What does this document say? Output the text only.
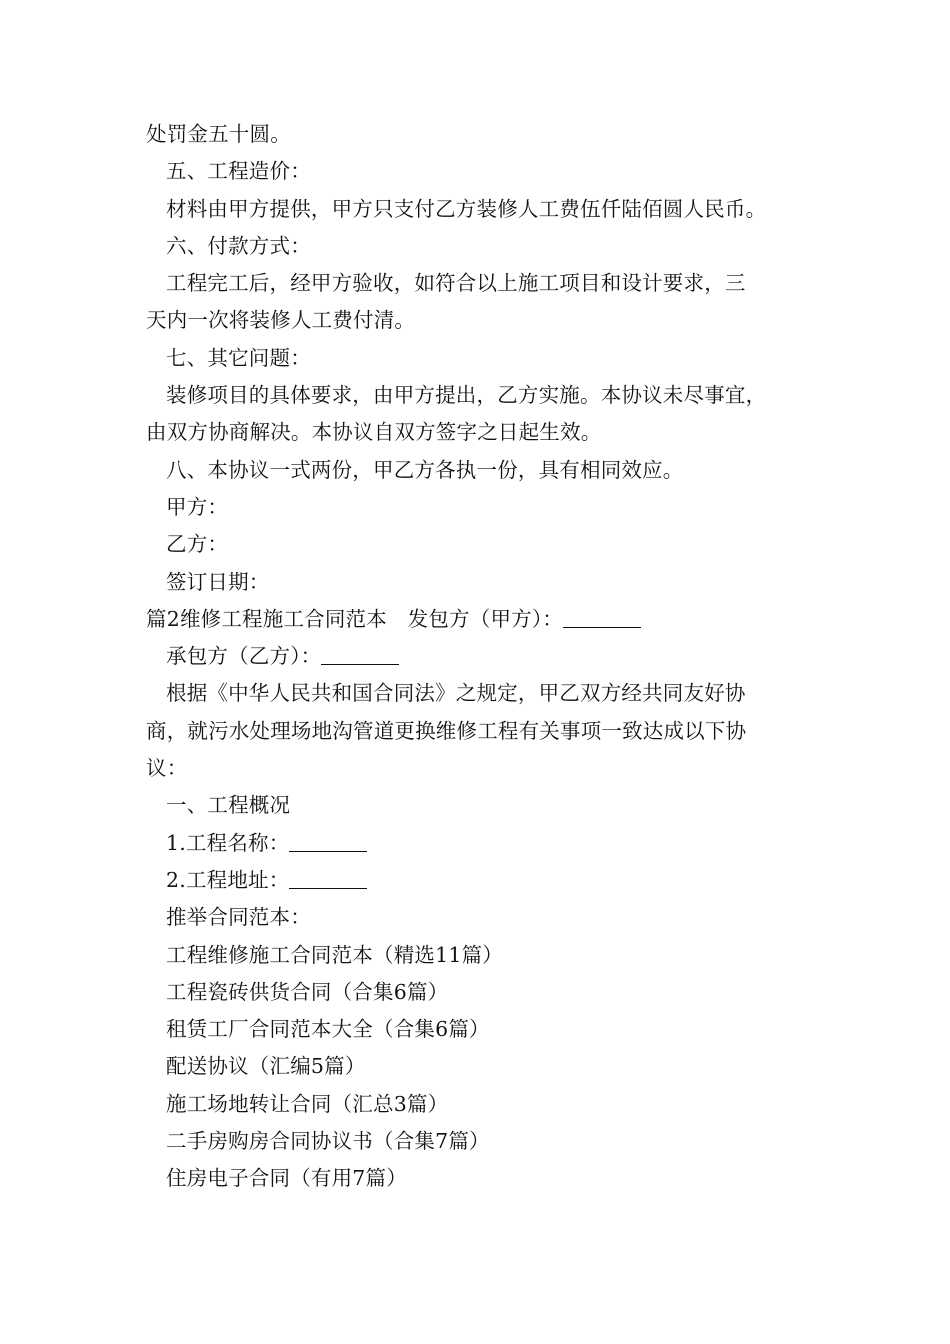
处罚金五十圆。
五、工程造价：
材料由甲方提供，甲方只支付乙方装修人工费伍仟陆佰圆人民币。
六、付款方式：
工程完工后，经甲方验收，如符合以上施工项目和设计要求，三
天内一次将装修人工费付清。
七、其它问题：
装修项目的具体要求，由甲方提出，乙方实施。本协议未尽事宜，
由双方协商解决。本协议自双方签字之日起生效。
八、本协议一式两份，甲乙方各执一份，具有相同效应。
甲方：
乙方：
签订日期：
篇2维修工程施工合同范本　发包方（甲方）：
承包方（乙方）：
根据《中华人民共和国合同法》之规定，甲乙双方经共同友好协
商，就污水处理场地沟管道更换维修工程有关事项一致达成以下协
议：
一、工程概况
1.工程名称：
2.工程地址：
推举合同范本：
工程维修施工合同范本（精选11篇）
工程瓷砖供货合同（合集6篇）
租赁工厂合同范本大全（合集6篇）
配送协议（汇编5篇）
施工场地转让合同（汇总3篇）
二手房购房合同协议书（合集7篇）
住房电子合同（有用7篇）
